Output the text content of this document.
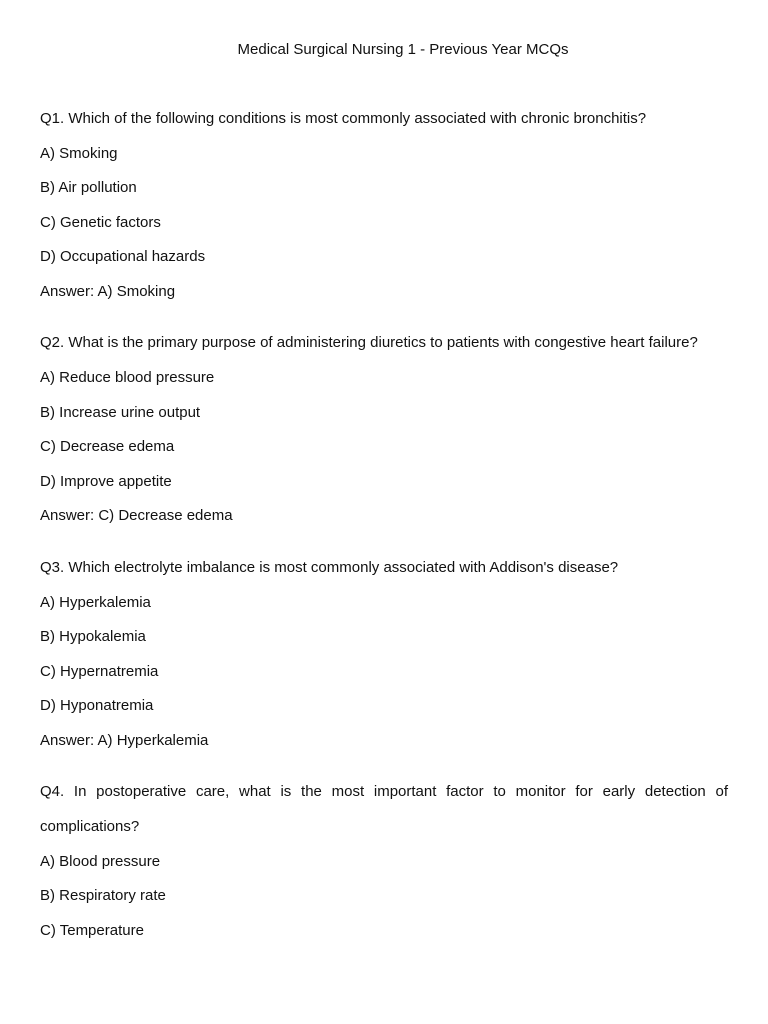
Medical Surgical Nursing 1 - Previous Year MCQs
Q1. Which of the following conditions is most commonly associated with chronic bronchitis?
A) Smoking
B) Air pollution
C) Genetic factors
D) Occupational hazards
Answer: A) Smoking
Q2. What is the primary purpose of administering diuretics to patients with congestive heart failure?
A) Reduce blood pressure
B) Increase urine output
C) Decrease edema
D) Improve appetite
Answer: C) Decrease edema
Q3. Which electrolyte imbalance is most commonly associated with Addison's disease?
A) Hyperkalemia
B) Hypokalemia
C) Hypernatremia
D) Hyponatremia
Answer: A) Hyperkalemia
Q4. In postoperative care, what is the most important factor to monitor for early detection of complications?
A) Blood pressure
B) Respiratory rate
C) Temperature
